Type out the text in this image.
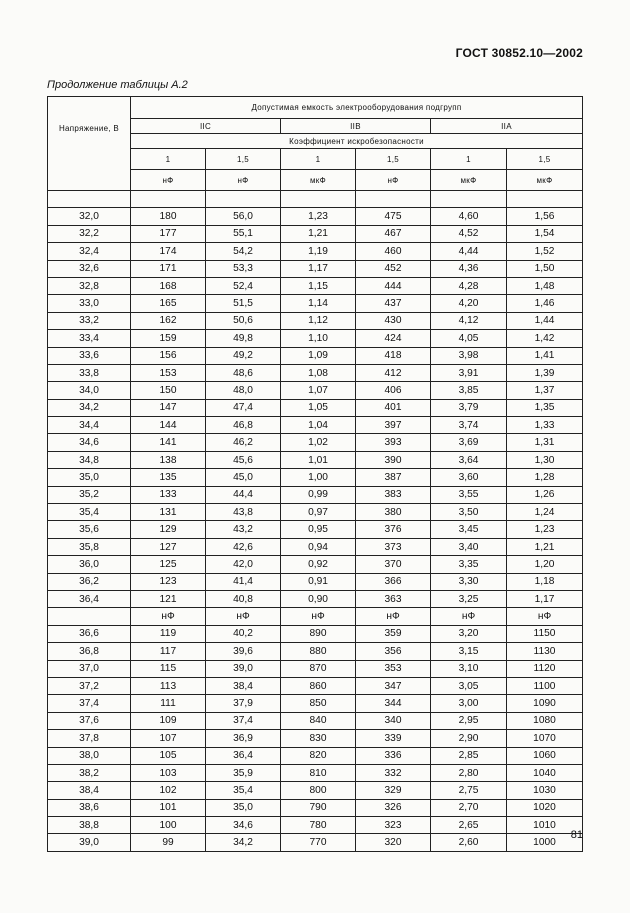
ГОСТ 30852.10—2002
Продолжение таблицы А.2
Напряжение, В	Допустимая емкость электрооборудования подгрупп					
	IIC		IIB		IIA	
	Коэффициент искробезопасности					
	1	1,5	1	1,5	1	1,5
	нФ	нФ	мкФ	нФ	мкФ	мкФ

32,0	180	56,0	1,23	475	4,60	1,56
32,2	177	55,1	1,21	467	4,52	1,54
32,4	174	54,2	1,19	460	4,44	1,52
32,6	171	53,3	1,17	452	4,36	1,50
32,8	168	52,4	1,15	444	4,28	1,48
33,0	165	51,5	1,14	437	4,20	1,46
33,2	162	50,6	1,12	430	4,12	1,44
33,4	159	49,8	1,10	424	4,05	1,42
33,6	156	49,2	1,09	418	3,98	1,41
33,8	153	48,6	1,08	412	3,91	1,39
34,0	150	48,0	1,07	406	3,85	1,37
34,2	147	47,4	1,05	401	3,79	1,35
34,4	144	46,8	1,04	397	3,74	1,33
34,6	141	46,2	1,02	393	3,69	1,31
34,8	138	45,6	1,01	390	3,64	1,30
35,0	135	45,0	1,00	387	3,60	1,28
35,2	133	44,4	0,99	383	3,55	1,26
35,4	131	43,8	0,97	380	3,50	1,24
35,6	129	43,2	0,95	376	3,45	1,23
35,8	127	42,6	0,94	373	3,40	1,21
36,0	125	42,0	0,92	370	3,35	1,20
36,2	123	41,4	0,91	366	3,30	1,18
36,4	121	40,8	0,90	363	3,25	1,17
	нФ	нФ	нФ	нФ	нФ	нФ
36,6	119	40,2	890	359	3,20	1150
36,8	117	39,6	880	356	3,15	1130
37,0	115	39,0	870	353	3,10	1120
37,2	113	38,4	860	347	3,05	1100
37,4	111	37,9	850	344	3,00	1090
37,6	109	37,4	840	340	2,95	1080
37,8	107	36,9	830	339	2,90	1070
38,0	105	36,4	820	336	2,85	1060
38,2	103	35,9	810	332	2,80	1040
38,4	102	35,4	800	329	2,75	1030
38,6	101	35,0	790	326	2,70	1020
38,8	100	34,6	780	323	2,65	1010
39,0	99	34,2	770	320	2,60	1000
81
